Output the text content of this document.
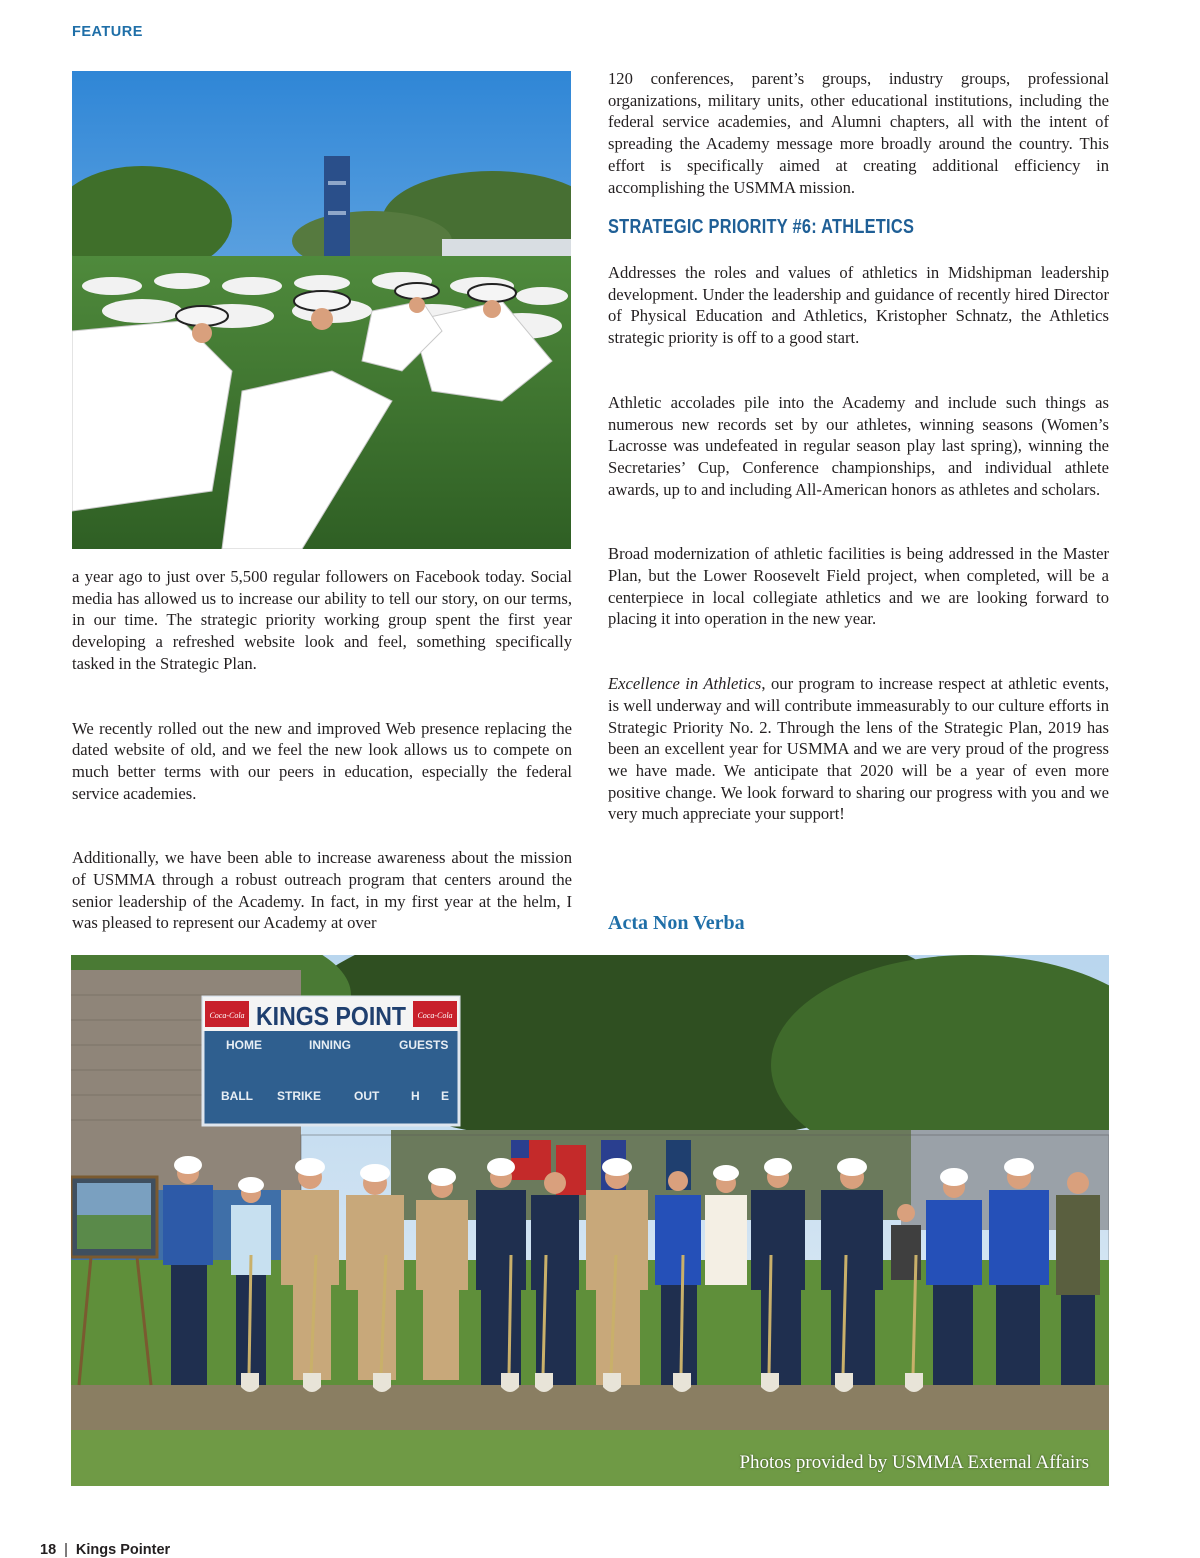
FEATURE

a year ago to just over 5,500 regular followers on Facebook today. Social media has allowed us to increase our ability to tell our story, on our terms, in our time. The strategic priority working group spent the first year developing a refreshed website look and feel, something specifically tasked in the Strategic Plan.

We recently rolled out the new and improved Web presence replacing the dated website of old, and we feel the new look allows us to compete on much better terms with our peers in education, especially the federal service academies.

Additionally, we have been able to increase awareness about the mission of USMMA through a robust outreach program that centers around the senior leadership of the Academy. In fact, in my first year at the helm, I was pleased to represent our Academy at over

120 conferences, parent’s groups, industry groups, professional organizations, military units, other educational institutions, including the federal service academies, and Alumni chapters, all with the intent of spreading the Academy message more broadly around the country. This effort is specifically aimed at creating additional efficiency in accomplishing the USMMA mission.

STRATEGIC PRIORITY #6: ATHLETICS

Addresses the roles and values of athletics in Midshipman leadership development. Under the leadership and guidance of recently hired Director of Physical Education and Athletics, Kristopher Schnatz, the Athletics strategic priority is off to a good start.

Athletic accolades pile into the Academy and include such things as numerous new records set by our athletes, winning seasons (Women’s Lacrosse was undefeated in regular season play last spring), winning the Secretaries’ Cup, Conference championships, and individual athlete awards, up to and including All-American honors as athletes and scholars.

Broad modernization of athletic facilities is being addressed in the Master Plan, but the Lower Roosevelt Field project, when completed, will be a centerpiece in local collegiate athletics and we are looking forward to placing it into operation in the new year.

Excellence in Athletics, our program to increase respect at athletic events, is well underway and will contribute immeasurably to our culture efforts in Strategic Priority No. 2. Through the lens of the Strategic Plan, 2019 has been an excellent year for USMMA and we are very proud of the progress we have made. We anticipate that 2020 will be a year of even more positive change. We look forward to sharing our progress with you and we very much appreciate your support!

Acta Non Verba
Coca-Cola	Coca-Cola
KINGS POINT
HOME	INNING	GUESTS
BALL STRIKE	OUT	H E
Photos provided by USMMA External Affairs
18 | Kings Pointer
